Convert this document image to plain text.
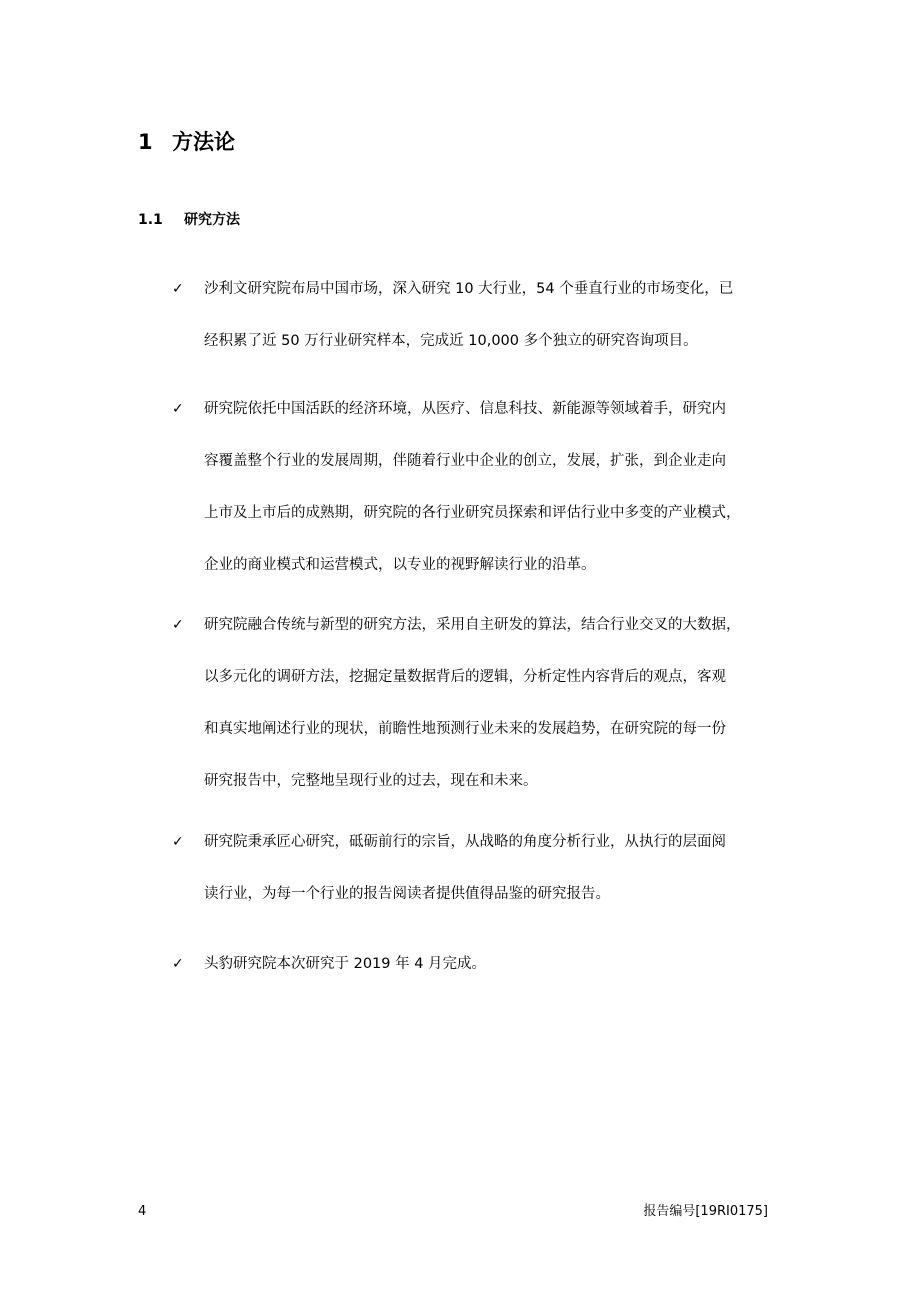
1 方法论
1.1 研究方法
✓ 沙利文研究院布局中国市场，深入研究 10 大行业，54 个垂直行业的市场变化，已
经积累了近 50 万行业研究样本，完成近 10,000 多个独立的研究咨询项目。
✓ 研究院依托中国活跃的经济环境，从医疗、信息科技、新能源等领域着手，研究内
容覆盖整个行业的发展周期，伴随着行业中企业的创立，发展，扩张，到企业走向
上市及上市后的成熟期，研究院的各行业研究员探索和评估行业中多变的产业模式，
企业的商业模式和运营模式，以专业的视野解读行业的沿革。
✓ 研究院融合传统与新型的研究方法，采用自主研发的算法，结合行业交叉的大数据，
以多元化的调研方法，挖掘定量数据背后的逻辑，分析定性内容背后的观点，客观
和真实地阐述行业的现状，前瞻性地预测行业未来的发展趋势，在研究院的每一份
研究报告中，完整地呈现行业的过去，现在和未来。
✓ 研究院秉承匠心研究，砥砺前行的宗旨，从战略的角度分析行业，从执行的层面阅
读行业，为每一个行业的报告阅读者提供值得品鉴的研究报告。
✓ 头豹研究院本次研究于 2019 年 4 月完成。
4	报告编号[19RI0175]
